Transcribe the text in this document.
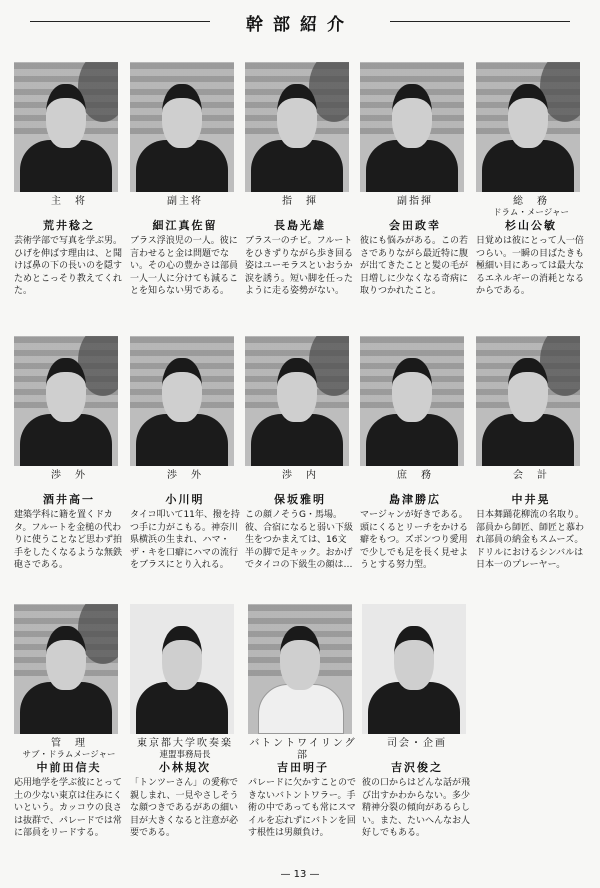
幹部紹介
主　将
荒井稔之
芸術学部で写真を学ぶ男。ひげを伸ばす理由は、と聞けば鼻の下の長いのを隠すためとこっそり教えてくれた。
副主将
細江真佐留
ブラス浮浪児の一人。彼に言わせると金は問題でない。その心の豊かさは部員一人一人に分けても減ることを知らない男である。
指　揮
長島光雄
ブラス一のチビ。フルートをひきずりながら歩き回る姿はユーモラスといおうか涙を誘う。短い脚を任ったように走る姿勢がない。
副指揮
会田政幸
彼にも悩みがある。この若さでありながら最近特に腹が出てきたことと髪の毛が日増しに少なくなる奇病に取りつかれたこと。
総　務
ドラム・メージャー
杉山公敏
日覚めは彼にとって人一倍つらい。一瞬の目ばたきも極細い目にあっては最大なるエネルギーの消耗となるからである。
渉　外
酒井高一
建築学科に籍を置くドカタ。フルートを金槌の代わりに使うことなど思わず拍手をしたくなるような無鉄砲さである。
渉　外
小川明
タイコ叩いて11年、撥を持つ手に力がこもる。神奈川県横浜の生まれ、ハマ・ザ・キを口癖にハマの流行をブラスにとり入れる。
渉　内
保坂雅明
この顔ノそうG・馬場。彼、合宿になると弱い下級生をつかまえては、16文半の脚で足キック。おかげでタイコの下級生の顔は…
庶　務
島津勝広
マージャンが好きである。頭にくるとリーチをかける癖をもつ。ズボンつり愛用で少しでも足を長く見せようとする努力型。
会　計
中井晃
日本舞踊花柳流の名取り。部員から師匠、師匠と慕われ部員の納金もスムーズ。ドリルにおけるシンバルは日本一のプレーヤー。
管　理
サブ・ドラムメージャー
中前田信夫
応用地学を学ぶ彼にとって土の少ない東京は住みにくいという。カッコウの良さは抜群で、パレードでは常に部員をリードする。
東京都大学吹奏楽
連盟事務局長
小林規次
「トンツーさん」の愛称で親しまれ、一見やさしそうな顔つきであるがあの細い目が大きくなると注意が必要である。
バトントワイリング部
吉田明子
パレードに欠かすことのできないバトントワラー。手術の中であっても常にスマイルを忘れずにバトンを回す根性は男顔負け。
司会・企画
吉沢俊之
彼の口からはどんな話が飛び出すかわからない。多少精神分裂の傾向があるらしい。また、たいへんなお人好しでもある。
— 13 —
